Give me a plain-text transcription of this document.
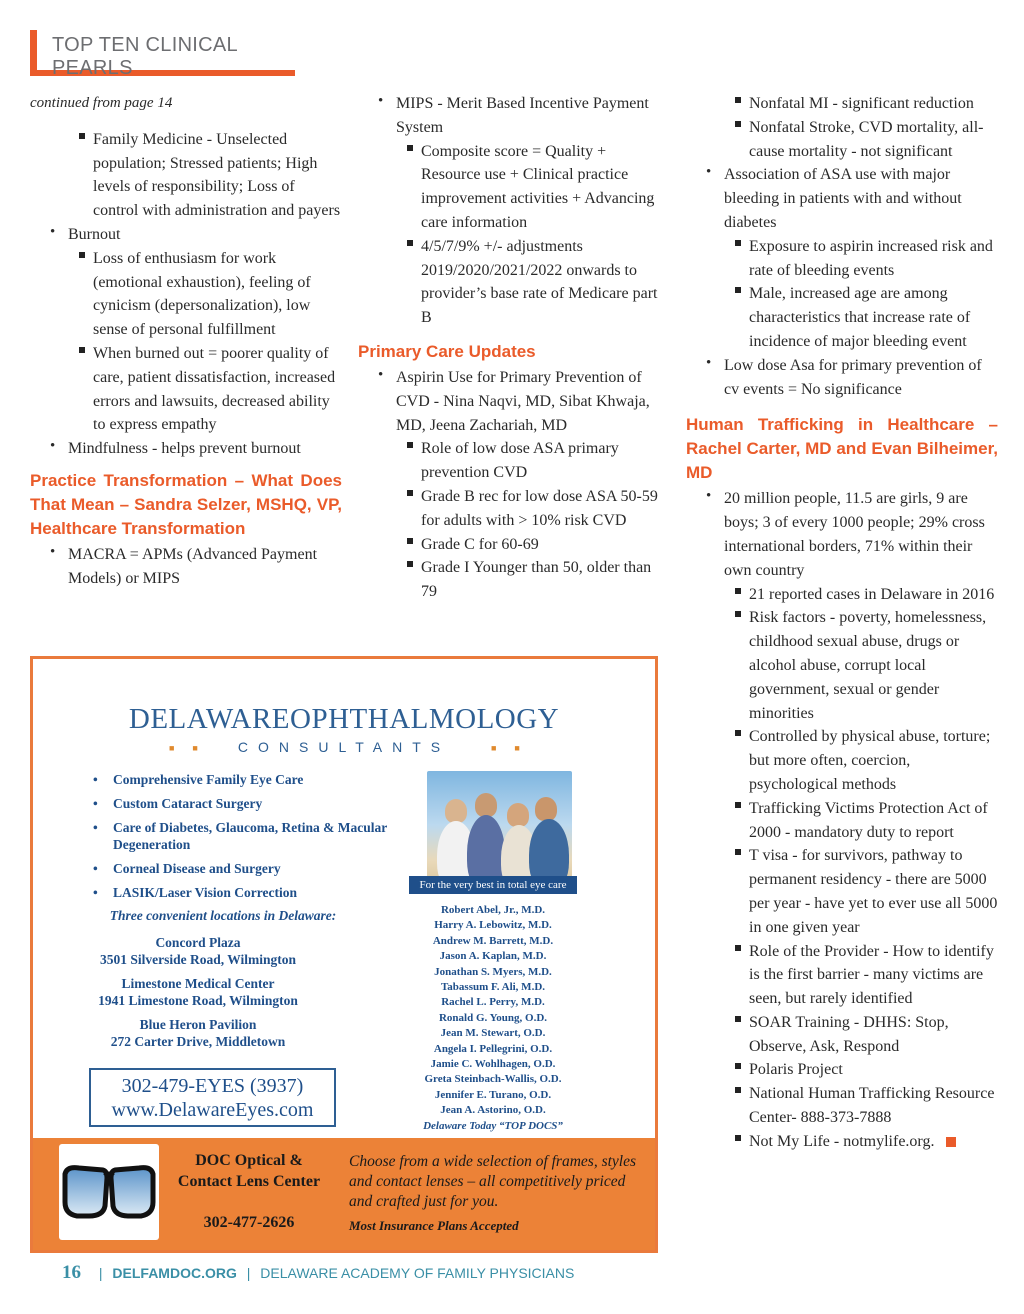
TOP TEN CLINICAL PEARLS
continued from page 14
Family Medicine - Unselected population; Stressed patients; High levels of responsibility; Loss of control with administration and payers
• Burnout
Loss of enthusiasm for work (emotional exhaustion), feeling of cynicism (depersonalization), low sense of personal fulfillment
When burned out = poorer quality of care, patient dissatisfaction, increased errors and lawsuits, decreased ability to express empathy
• Mindfulness - helps prevent burnout
Practice Transformation – What Does That Mean – Sandra Selzer, MSHQ, VP, Healthcare Transformation
• MACRA = APMs (Advanced Payment Models) or MIPS
• MIPS - Merit Based Incentive Payment System
Composite score = Quality + Resource use + Clinical practice improvement activities + Advancing care information
4/5/7/9% +/- adjustments 2019/2020/2021/2022 onwards to provider’s base rate of Medicare part B
Primary Care Updates
• Aspirin Use for Primary Prevention of CVD - Nina Naqvi, MD, Sibat Khwaja, MD, Jeena Zachariah, MD
Role of low dose ASA primary prevention CVD
Grade B rec for low dose ASA 50-59 for adults with > 10% risk CVD
Grade C for 60-69
Grade I Younger than 50, older than 79
Nonfatal MI - significant reduction
Nonfatal Stroke, CVD mortality, all-cause mortality - not significant
• Association of ASA use with major bleeding in patients with and without diabetes
Exposure to aspirin increased risk and rate of bleeding events
Male, increased age are among characteristics that increase rate of incidence of major bleeding event
• Low dose Asa for primary prevention of cv events = No significance
Human Trafficking in Healthcare – Rachel Carter, MD and Evan Bilheimer, MD
• 20 million people, 11.5 are girls, 9 are boys; 3 of every 1000 people; 29% cross international borders, 71% within their own country
21 reported cases in Delaware in 2016
Risk factors - poverty, homelessness, childhood sexual abuse, drugs or alcohol abuse, corrupt local government, sexual or gender minorities
Controlled by physical abuse, torture; but more often, coercion, psychological methods
Trafficking Victims Protection Act of 2000 - mandatory duty to report
T visa - for survivors, pathway to permanent residency - there are 5000 per year - have yet to ever use all 5000 in one given year
Role of the Provider - How to identify is the first barrier - many victims are seen, but rarely identified
SOAR Training - DHHS: Stop, Observe, Ask, Respond
Polaris Project
National Human Trafficking Resource Center- 888-373-7888
Not My Life - notmylife.org.
DELAWAREOPHTHALMOLOGY
■■	CONSULTANTS	■■
• Comprehensive Family Eye Care
• Custom Cataract Surgery
• Care of Diabetes, Glaucoma, Retina & Macular Degeneration
• Corneal Disease and Surgery
• LASIK/Laser Vision Correction
Three convenient locations in Delaware:
Concord Plaza
3501 Silverside Road, Wilmington
Limestone Medical Center
1941 Limestone Road, Wilmington
Blue Heron Pavilion
272 Carter Drive, Middletown
302-479-EYES (3937)
www.DelawareEyes.com
For the very best in total eye care
Robert Abel, Jr., M.D.
Harry A. Lebowitz, M.D.
Andrew M. Barrett, M.D.
Jason A. Kaplan, M.D.
Jonathan S. Myers, M.D.
Tabassum F. Ali, M.D.
Rachel L. Perry, M.D.
Ronald G. Young, O.D.
Jean M. Stewart, O.D.
Angela I. Pellegrini, O.D.
Jamie C. Wohlhagen, O.D.
Greta Steinbach-Wallis, O.D.
Jennifer E. Turano, O.D.
Jean A. Astorino, O.D.
Delaware Today “TOP DOCS”
DOC Optical & Contact Lens Center
302-477-2626
Choose from a wide selection of frames, styles and contact lenses – all competitively priced and crafted just for you.
Most Insurance Plans Accepted
16 | DELFAMDOC.ORG | DELAWARE ACADEMY OF FAMILY PHYSICIANS
